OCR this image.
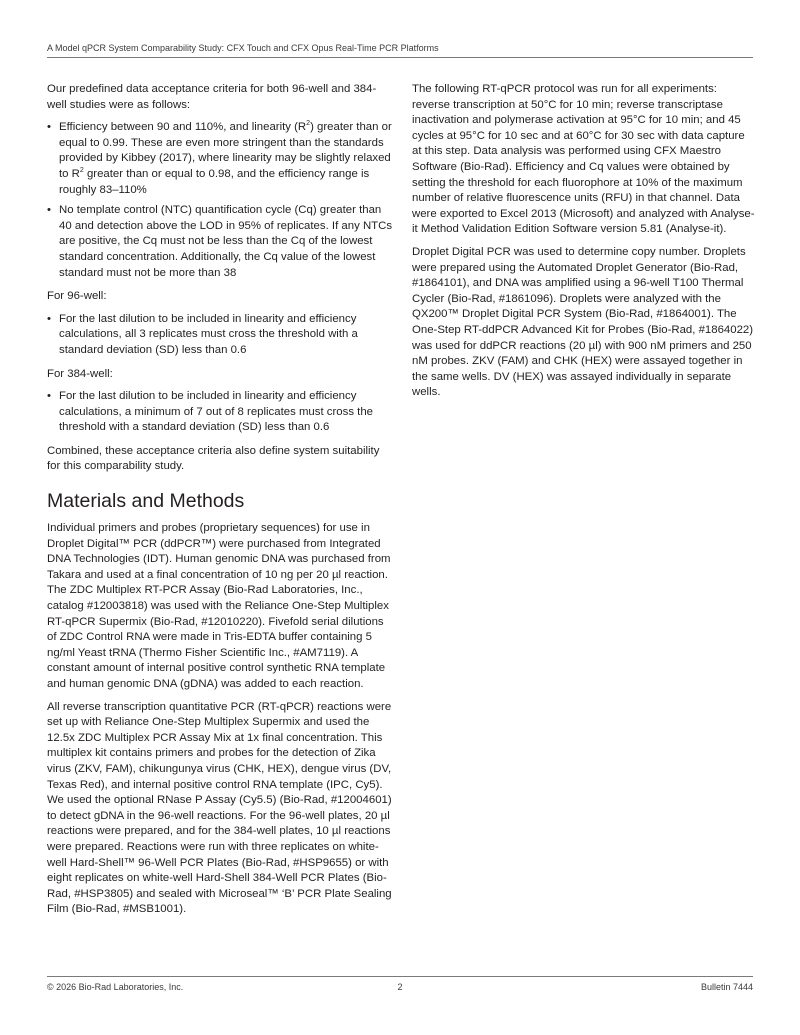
A Model qPCR System Comparability Study: CFX Touch and CFX Opus Real-Time PCR Platforms

Our predefined data acceptance criteria for both 96-well and 384-well studies were as follows:

• Efficiency between 90 and 110%, and linearity $(R^2)$ greater than or equal to 0.99. These are even more stringent than the standards provided by Kibbey (2017), where linearity may be slightly relaxed to $R^2$ greater than or equal to 0.98, and the efficiency range is roughly 83–110%
• No template control (NTC) quantification cycle (Cq) greater than 40 and detection above the LOD in 95% of replicates. If any NTCs are positive, the Cq must not be less than the Cq of the lowest standard concentration. Additionally, the Cq value of the lowest standard must not be more than 38

For 96-well:

• For the last dilution to be included in linearity and efficiency calculations, all 3 replicates must cross the threshold with a standard deviation (SD) less than 0.6

For 384-well:

• For the last dilution to be included in linearity and efficiency calculations, a minimum of 7 out of 8 replicates must cross the threshold with a standard deviation (SD) less than 0.6

Combined, these acceptance criteria also define system suitability for this comparability study.

Materials and Methods

Individual primers and probes (proprietary sequences) for use in Droplet Digital™ PCR (ddPCR™) were purchased from Integrated DNA Technologies (IDT). Human genomic DNA was purchased from Takara and used at a final concentration of 10 ng per 20 µl reaction. The ZDC Multiplex RT-PCR Assay (Bio-Rad Laboratories, Inc., catalog #12003818) was used with the Reliance One-Step Multiplex RT-qPCR Supermix (Bio-Rad, #12010220). Fivefold serial dilutions of ZDC Control RNA were made in Tris-EDTA buffer containing 5 ng/ml Yeast tRNA (Thermo Fisher Scientific Inc., #AM7119). A constant amount of internal positive control synthetic RNA template and human genomic DNA (gDNA) was added to each reaction.

All reverse transcription quantitative PCR (RT-qPCR) reactions were set up with Reliance One-Step Multiplex Supermix and used the 12.5x ZDC Multiplex PCR Assay Mix at 1x final concentration. This multiplex kit contains primers and probes for the detection of Zika virus (ZKV, FAM), chikungunya virus (CHK, HEX), dengue virus (DV, Texas Red), and internal positive control RNA template (IPC, Cy5). We used the optional RNase P Assay (Cy5.5) (Bio-Rad, #12004601) to detect gDNA in the 96-well reactions. For the 96-well plates, 20 µl reactions were prepared, and for the 384-well plates, 10 µl reactions were prepared. Reactions were run with three replicates on white-well Hard-Shell™ 96-Well PCR Plates (Bio-Rad, #HSP9655) or with eight replicates on white-well Hard-Shell 384-Well PCR Plates (Bio-Rad, #HSP3805) and sealed with Microseal™ ‘B’ PCR Plate Sealing Film (Bio-Rad, #MSB1001).

The following RT-qPCR protocol was run for all experiments: reverse transcription at 50°C for 10 min; reverse transcriptase inactivation and polymerase activation at 95°C for 10 min; and 45 cycles at 95°C for 10 sec and at 60°C for 30 sec with data capture at this step. Data analysis was performed using CFX Maestro Software (Bio-Rad). Efficiency and Cq values were obtained by setting the threshold for each fluorophore at 10% of the maximum number of relative fluorescence units (RFU) in that channel. Data were exported to Excel 2013 (Microsoft) and analyzed with Analyse-it Method Validation Edition Software version 5.81 (Analyse-it).

Droplet Digital PCR was used to determine copy number. Droplets were prepared using the Automated Droplet Generator (Bio-Rad, #1864101), and DNA was amplified using a 96-well T100 Thermal Cycler (Bio-Rad, #1861096). Droplets were analyzed with the QX200™ Droplet Digital PCR System (Bio-Rad, #1864001). The One-Step RT-ddPCR Advanced Kit for Probes (Bio-Rad, #1864022) was used for ddPCR reactions (20 µl) with 900 nM primers and 250 nM probes. ZKV (FAM) and CHK (HEX) were assayed together in the same wells. DV (HEX) was assayed individually in separate wells.

© 2026 Bio-Rad Laboratories, Inc.	2	Bulletin 7444
